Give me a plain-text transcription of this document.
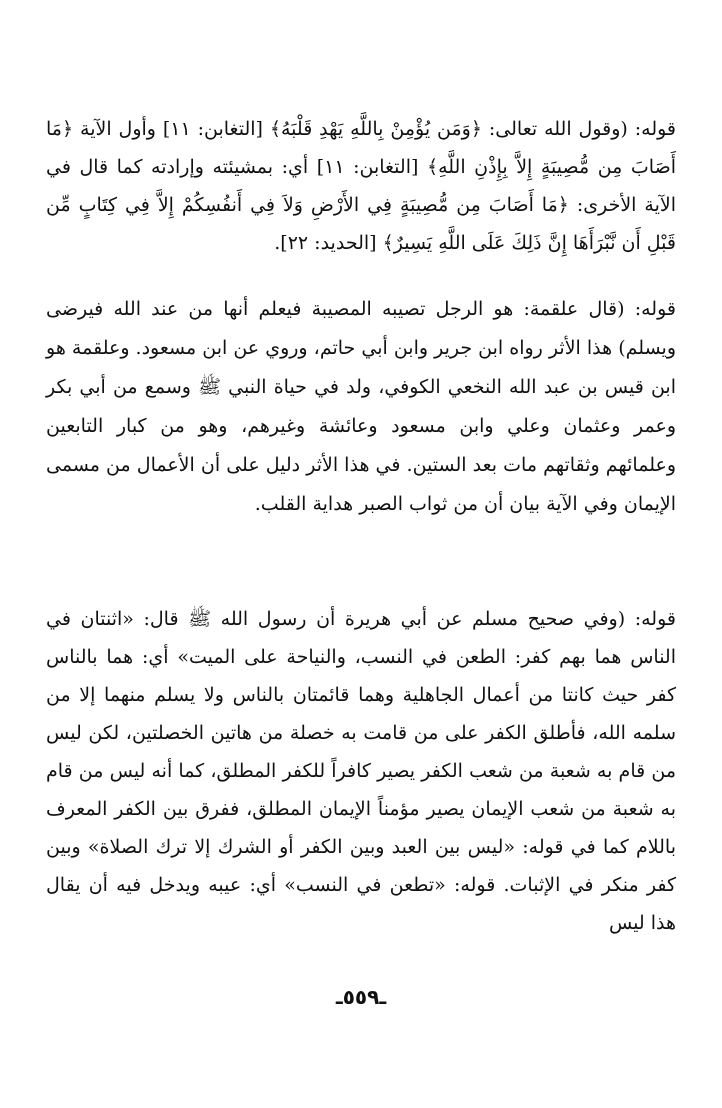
قوله: (وقول الله تعالى: ﴿وَمَن يُؤْمِنْ بِاللَّهِ يَهْدِ قَلْبَهُ﴾ [التغابن: ١١] وأول الآية ﴿مَا أَصَابَ مِن مُّصِيبَةٍ إِلاَّ بِإِذْنِ اللَّهِ﴾ [التغابن: ١١] أي: بمشيئته وإرادته كما قال في الآية الأخرى: ﴿مَا أَصَابَ مِن مُّصِيبَةٍ فِي الأَرْضِ وَلاَ فِي أَنفُسِكُمْ إِلاَّ فِي كِتَابٍ مِّن قَبْلِ أَن نَّبْرَأَهَا إِنَّ ذَلِكَ عَلَى اللَّهِ يَسِيرٌ﴾ [الحديد: ٢٢].

قوله: (قال علقمة: هو الرجل تصيبه المصيبة فيعلم أنها من عند الله فيرضى ويسلم) هذا الأثر رواه ابن جرير وابن أبي حاتم، وروي عن ابن مسعود. وعلقمة هو ابن قيس بن عبد الله النخعي الكوفي، ولد في حياة النبي ﷺ وسمع من أبي بكر وعمر وعثمان وعلي وابن مسعود وعائشة وغيرهم، وهو من كبار التابعين وعلمائهم وثقاتهم مات بعد الستين. في هذا الأثر دليل على أن الأعمال من مسمى الإيمان وفي الآية بيان أن من ثواب الصبر هداية القلب.

قوله: (وفي صحيح مسلم عن أبي هريرة أن رسول الله ﷺ قال: «اثنتان في الناس هما بهم كفر: الطعن في النسب، والنياحة على الميت» أي: هما بالناس كفر حيث كانتا من أعمال الجاهلية وهما قائمتان بالناس ولا يسلم منهما إلا من سلمه الله، فأطلق الكفر على من قامت به خصلة من هاتين الخصلتين، لكن ليس من قام به شعبة من شعب الكفر يصير كافراً للكفر المطلق، كما أنه ليس من قام به شعبة من شعب الإيمان يصير مؤمناً الإيمان المطلق، ففرق بين الكفر المعرف باللام كما في قوله: «ليس بين العبد وبين الكفر أو الشرك إلا ترك الصلاة» وبين كفر منكر في الإثبات. قوله: «تطعن في النسب» أي: عيبه ويدخل فيه أن يقال هذا ليس

ـ٥٥٩ـ
